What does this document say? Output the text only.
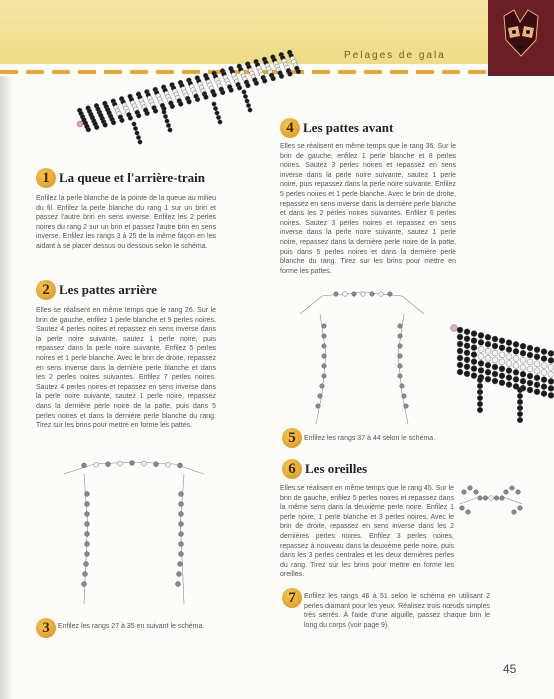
Pelages de gala
1 La queue et l'arrière-train
Enfilez la perle blanche de la pointe de la queue au milieu du fil. Enfilez la perle blanche du rang 1 sur un brin et passez l'autre brin en sens inverse. Enfilez les 2 perles noires du rang 2 sur un brin et passez l'autre brin en sens inverse. Enfilez les rangs 3 à 25 de la même façon en les aidant à se placer dessus ou dessous selon le schéma.
2 Les pattes arrière
Elles se réalisent en même temps que le rang 26. Sur le brin de gauche, enfilez 1 perle blanche et 9 perles noires. Sautez 4 perles noires et repassez en sens inverse dans la perle noire suivante, sautez 1 perle noire, puis repassez dans la perle noire suivante. Enfilez 5 perles noires et 1 perle blanche. Avec le brin de droite, repassez en sens inverse dans la dernière perle blanche et dans les 2 perles noires suivantes. Enfilez 7 perles noires. Sautez 4 perles noires et repassez en sens inverse dans la perle noire suivante, sautez 1 perle noire, repassez dans la dernière perle noire de la patte, puis dans 5 perles noires et dans la dernière perle blanche du rang. Tirez sur les brins pour mettre en forme les pattes.
3	Enfilez les rangs 27 à 35 en suivant le schéma.
4 Les pattes avant
Elles se réalisent en même temps que le rang 36. Sur le brin de gauche, enfilez 1 perle blanche et 8 perles noires. Sautez 3 perles noires et repassez en sens inverse dans la perle noire suivante, sautez 1 perle noire, puis repassez dans la perle noire suivante. Enfilez 5 perles noires et 1 perle blanche. Avec le brin de droite, repassez en sens inverse dans la dernière perle blanche et dans les 2 perles noires suivantes. Enfilez 6 perles noires. Sautez 3 perles noires et repassez en sens inverse dans la perle noire suivante, sautez 1 perle noire, repassez dans la dernière perle noire de la patte, puis dans 5 perles noires et dans la dernière perle blanche du rang. Tirez sur les brins pour mettre en forme les pattes.
5	Enfilez les rangs 37 à 44 selon le schéma.
6 Les oreilles
Elles se réalisent en même temps que le rang 45. Sur le brin de gauche, enfilez 5 perles noires et repassez dans la même sens dans la deuxième perle noire. Enfilez 1 perle noire, 1 perle blanche et 3 perles noires. Avec le brin de droite, repassez en sens inverse dans les 2 dernières perles noires. Enfilez 3 perles noires, repassez à nouveau dans la deuxième perle noire, puis dans les 3 perles centrales et les deux dernières perles du rang. Tirez sur les brins pour mettre en forme les oreilles.
7	Enfilez les rangs 46 à 51 selon le schéma en utilisant 2 perles diamant pour les yeux. Réalisez trois nœuds simples très serrés. À l'aide d'une aiguille, passez chaque brin le long du corps (voir page 9).
45
